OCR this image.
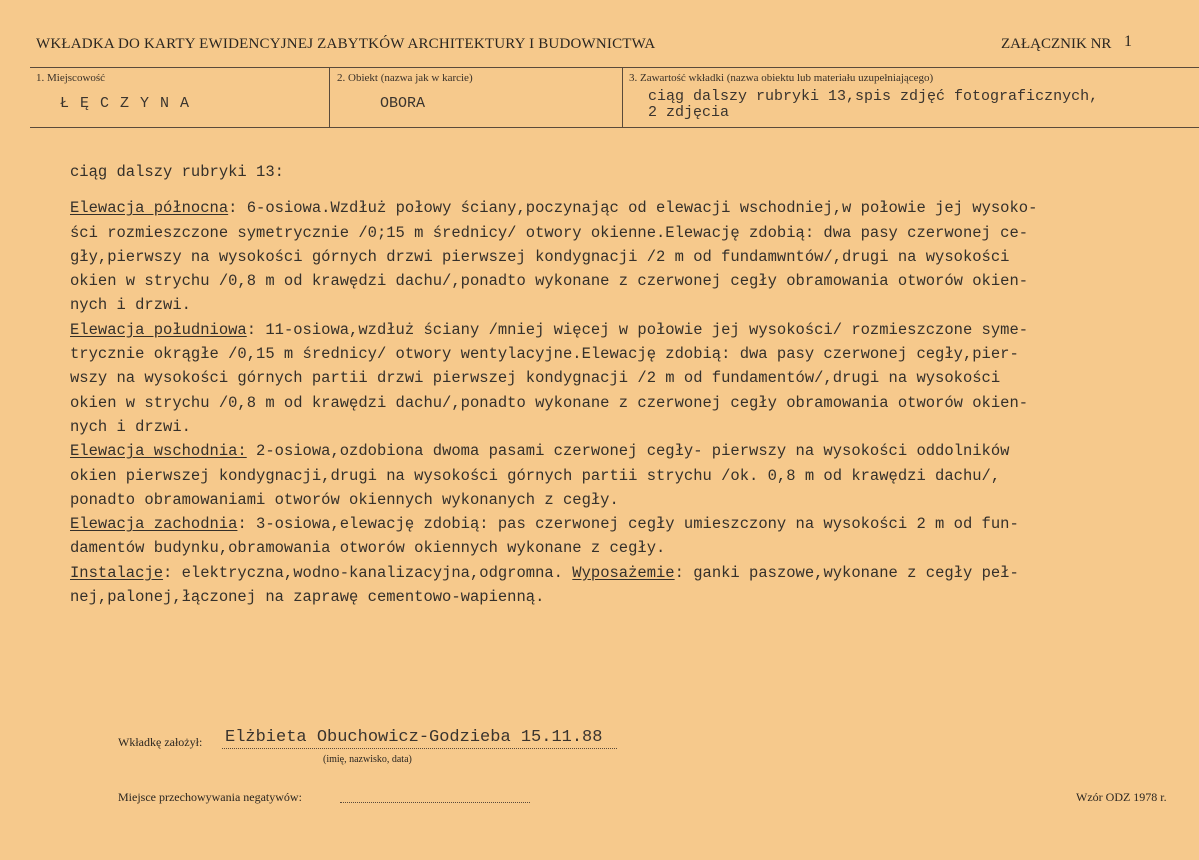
WKŁADKA DO KARTY EWIDENCYJNEJ ZABYTKÓW ARCHITEKTURY I BUDOWNICTWA	ZAŁĄCZNIK NR 1
1. Miejscowość
Ł Ę C Z Y N A
2. Obiekt (nazwa jak w karcie)
OBORA
3. Zawartość wkładki (nazwa obiektu lub materiału uzupełniającego)
ciąg dalszy rubryki 13,spis zdjęć fotograficznych,
2 zdjęcia
ciąg dalszy rubryki 13:
Elewacja północna: 6-osiowa.Wzdłuż połowy ściany,poczynając od elewacji wschodniej,w połowie jej wysoko-
ści rozmieszczone symetrycznie /0;15 m średnicy/ otwory okienne.Elewację zdobią: dwa pasy czerwonej ce-
gły,pierwszy na wysokości górnych drzwi pierwszej kondygnacji /2 m od fundamwntów/,drugi na wysokości
okien w strychu /0,8 m od krawędzi dachu/,ponadto wykonane z czerwonej cegły obramowania otworów okien-
nych i drzwi.
Elewacja południowa: 11-osiowa,wzdłuż ściany /mniej więcej w połowie jej wysokości/ rozmieszczone syme-
trycznie okrągłe /0,15 m średnicy/ otwory wentylacyjne.Elewację zdobią: dwa pasy czerwonej cegły,pier-
wszy na wysokości górnych partii drzwi pierwszej kondygnacji /2 m od fundamentów/,drugi na wysokości
okien w strychu /0,8 m od krawędzi dachu/,ponadto wykonane z czerwonej cegły obramowania otworów okien-
nych i drzwi.
Elewacja wschodnia: 2-osiowa,ozdobiona dwoma pasami czerwonej cegły- pierwszy na wysokości oddolników
okien pierwszej kondygnacji,drugi na wysokości górnych partii strychu /ok. 0,8 m od krawędzi dachu/,
ponadto obramowaniami otworów okiennych wykonanych z cegły.
Elewacja zachodnia: 3-osiowa,elewację zdobią: pas czerwonej cegły umieszczony na wysokości 2 m od fun-
damentów budynku,obramowania otworów okiennych wykonane z cegły.
Instalacje: elektryczna,wodno-kanalizacyjna,odgromna. Wyposażemie: ganki paszowe,wykonane z cegły peł-
nej,palonej,łączonej na zaprawę cementowo-wapienną.
Wkładkę założył: Elżbieta Obuchowicz-Godzieba 15.11.88
(imię, nazwisko, data)
Miejsce przechowywania negatywów:	Wzór ODZ 1978 r.
